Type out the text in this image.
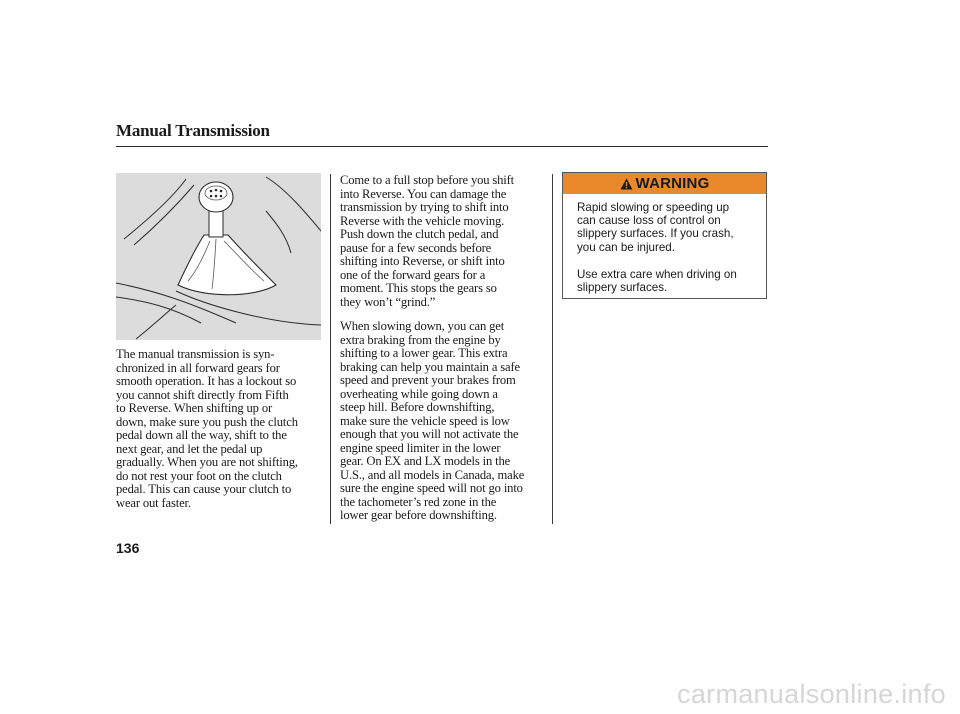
Manual Transmission

The manual transmission is syn-
chronized in all forward gears for
smooth operation. It has a lockout so
you cannot shift directly from Fifth
to Reverse. When shifting up or
down, make sure you push the clutch
pedal down all the way, shift to the
next gear, and let the pedal up
gradually. When you are not shifting,
do not rest your foot on the clutch
pedal. This can cause your clutch to
wear out faster.

Come to a full stop before you shift
into Reverse. You can damage the
transmission by trying to shift into
Reverse with the vehicle moving.
Push down the clutch pedal, and
pause for a few seconds before
shifting into Reverse, or shift into
one of the forward gears for a
moment. This stops the gears so
they won’t “grind.”

When slowing down, you can get
extra braking from the engine by
shifting to a lower gear. This extra
braking can help you maintain a safe
speed and prevent your brakes from
overheating while going down a
steep hill. Before downshifting,
make sure the vehicle speed is low
enough that you will not activate the
engine speed limiter in the lower
gear. On EX and LX models in the
U.S., and all models in Canada, make
sure the engine speed will not go into
the tachometer’s red zone in the
lower gear before downshifting.

WARNING

Rapid slowing or speeding up
can cause loss of control on
slippery surfaces. If you crash,
you can be injured.

Use extra care when driving on
slippery surfaces.

136

carmanualsonline.info
